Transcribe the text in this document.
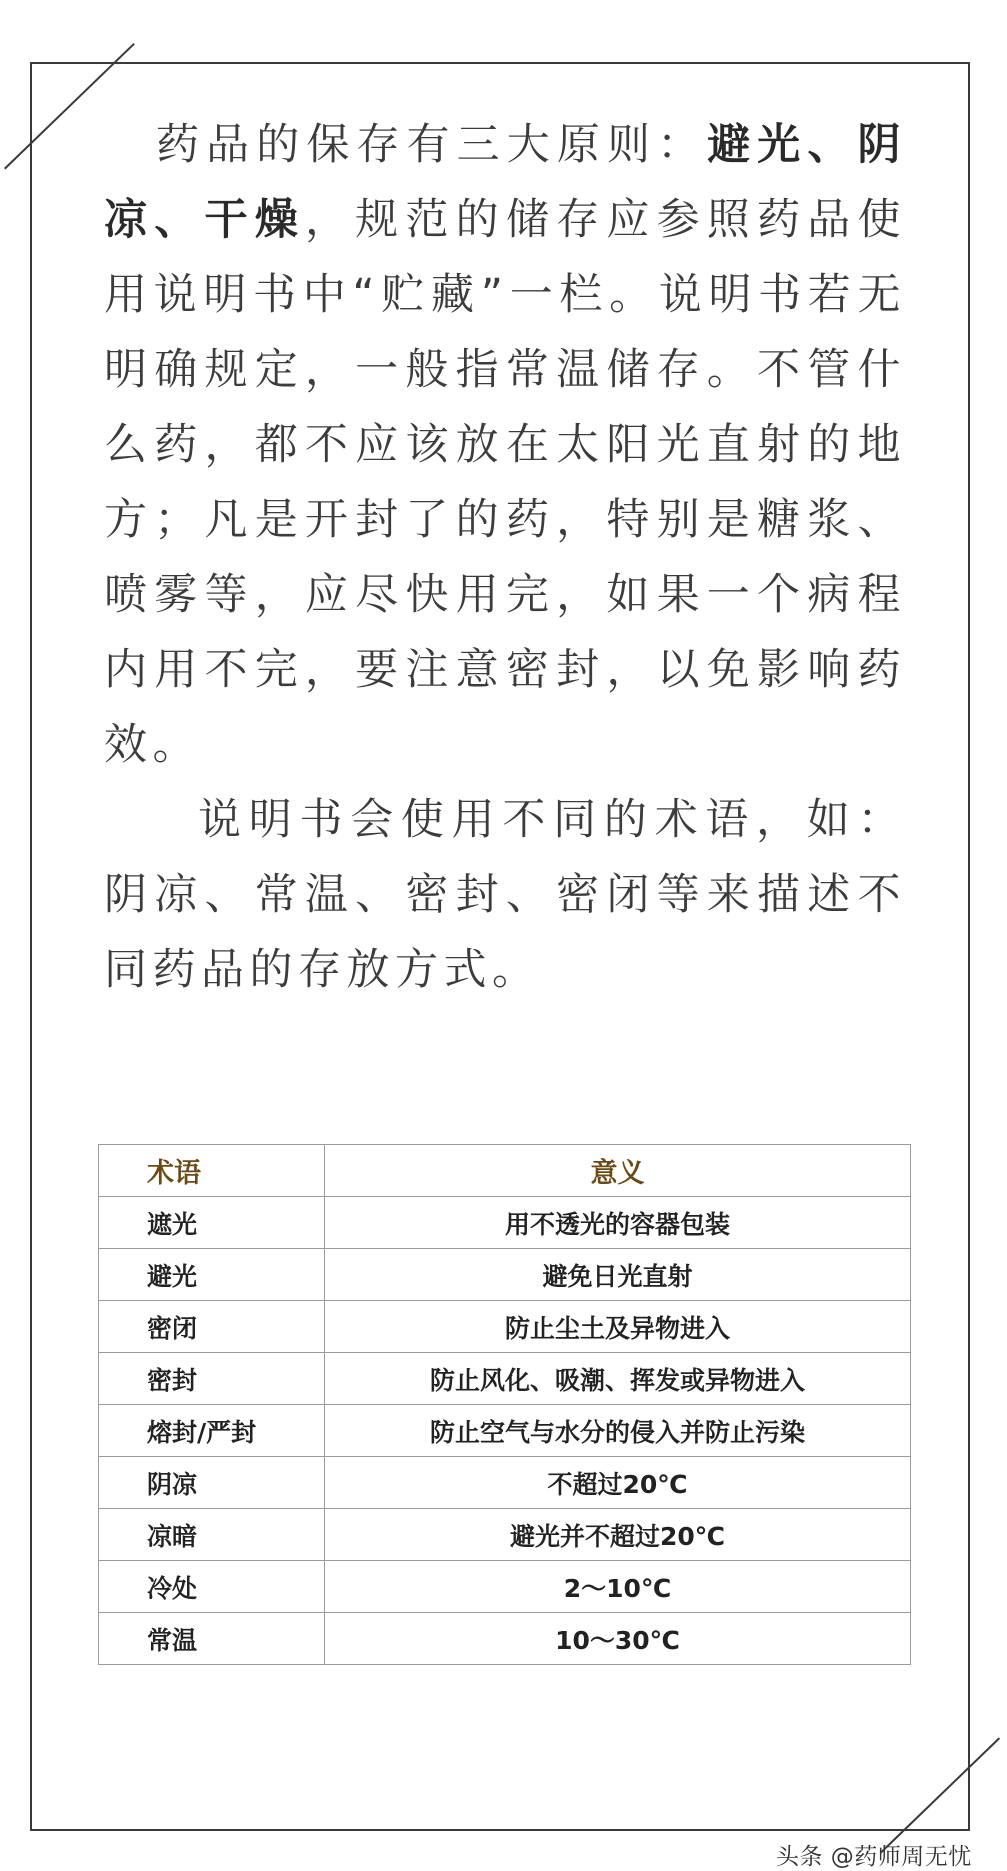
药品的保存有三大原则：避光、阴凉、干燥，规范的储存应参照药品使用说明书中“贮藏”一栏。说明书若无明确规定，一般指常温储存。不管什么药，都不应该放在太阳光直射的地方；凡是开封了的药，特别是糖浆、喷雾等，应尽快用完，如果一个病程内用不完，要注意密封，以免影响药效。

说明书会使用不同的术语，如：阴凉、常温、密封、密闭等来描述不同药品的存放方式。

术语	意义
遮光	用不透光的容器包装
避光	避免日光直射
密闭	防止尘土及异物进入
密封	防止风化、吸潮、挥发或异物进入
熔封/严封	防止空气与水分的侵入并防止污染
阴凉	不超过20℃
凉暗	避光并不超过20℃
冷处	2～10℃
常温	10～30℃
头条 @药师周无忧
